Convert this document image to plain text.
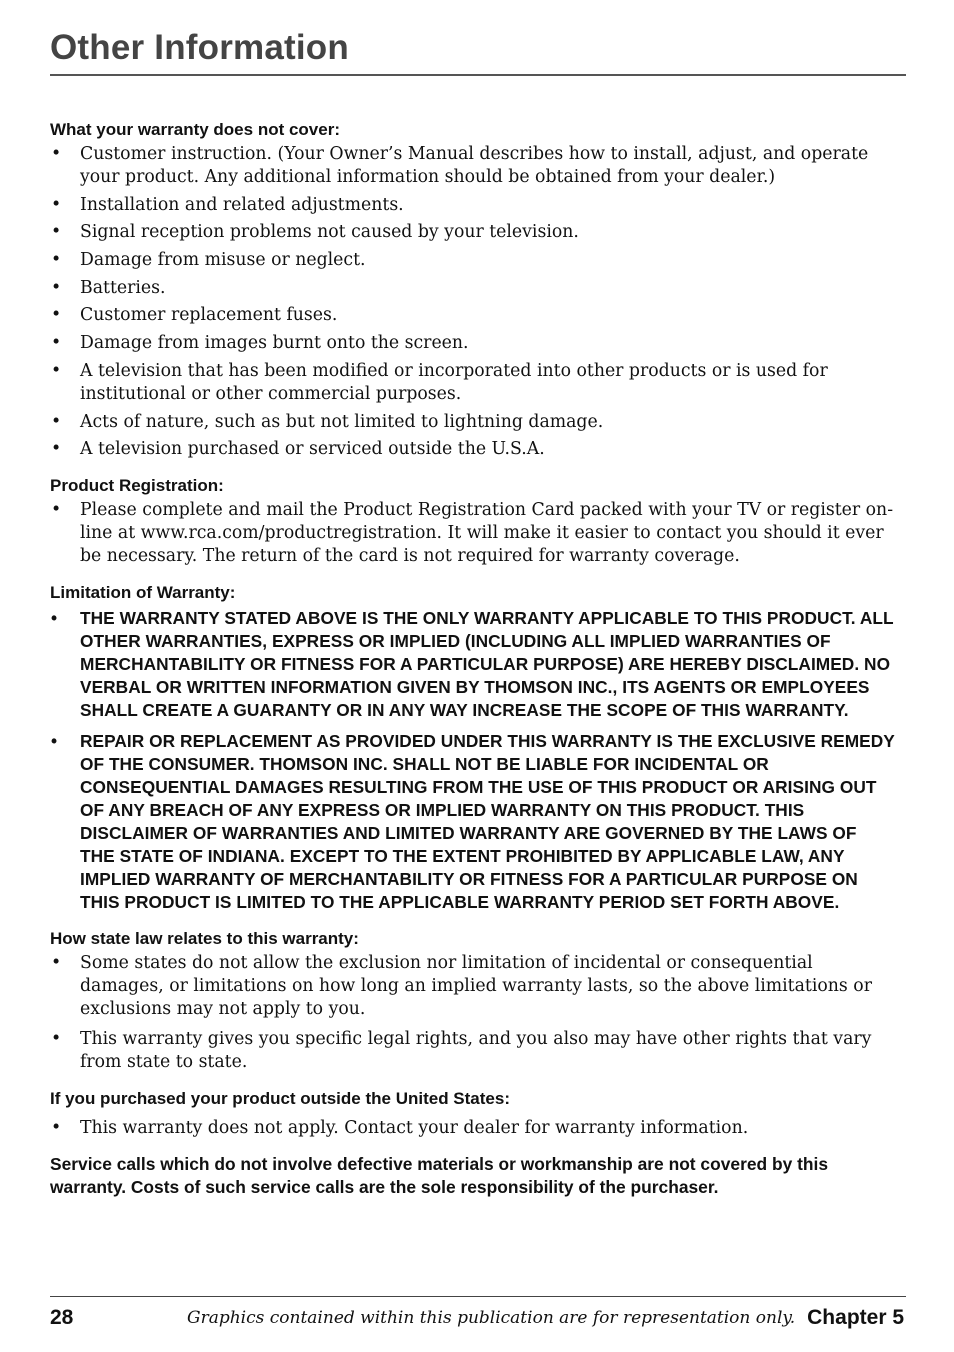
Other Information

What your warranty does not cover:

• Customer instruction. (Your Owner’s Manual describes how to install, adjust, and operate your product. Any additional information should be obtained from your dealer.)
• Installation and related adjustments.
• Signal reception problems not caused by your television.
• Damage from misuse or neglect.
• Batteries.
• Customer replacement fuses.
• Damage from images burnt onto the screen.
• A television that has been modified or incorporated into other products or is used for institutional or other commercial purposes.
• Acts of nature, such as but not limited to lightning damage.
• A television purchased or serviced outside the U.S.A.

Product Registration:

• Please complete and mail the Product Registration Card packed with your TV or register on-line at www.rca.com/productregistration. It will make it easier to contact you should it ever be necessary. The return of the card is not required for warranty coverage.

Limitation of Warranty:

• THE WARRANTY STATED ABOVE IS THE ONLY WARRANTY APPLICABLE TO THIS PRODUCT. ALL OTHER WARRANTIES, EXPRESS OR IMPLIED (INCLUDING ALL IMPLIED WARRANTIES OF MERCHANTABILITY OR FITNESS FOR A PARTICULAR PURPOSE) ARE HEREBY DISCLAIMED. NO VERBAL OR WRITTEN INFORMATION GIVEN BY THOMSON INC., ITS AGENTS OR EMPLOYEES SHALL CREATE A GUARANTY OR IN ANY WAY INCREASE THE SCOPE OF THIS WARRANTY.
• REPAIR OR REPLACEMENT AS PROVIDED UNDER THIS WARRANTY IS THE EXCLUSIVE REMEDY OF THE CONSUMER. THOMSON INC. SHALL NOT BE LIABLE FOR INCIDENTAL OR CONSEQUENTIAL DAMAGES RESULTING FROM THE USE OF THIS PRODUCT OR ARISING OUT OF ANY BREACH OF ANY EXPRESS OR IMPLIED WARRANTY ON THIS PRODUCT. THIS DISCLAIMER OF WARRANTIES AND LIMITED WARRANTY ARE GOVERNED BY THE LAWS OF THE STATE OF INDIANA. EXCEPT TO THE EXTENT PROHIBITED BY APPLICABLE LAW, ANY IMPLIED WARRANTY OF MERCHANTABILITY OR FITNESS FOR A PARTICULAR PURPOSE ON THIS PRODUCT IS LIMITED TO THE APPLICABLE WARRANTY PERIOD SET FORTH ABOVE.

How state law relates to this warranty:

• Some states do not allow the exclusion nor limitation of incidental or consequential damages, or limitations on how long an implied warranty lasts, so the above limitations or exclusions may not apply to you.
• This warranty gives you specific legal rights, and you also may have other rights that vary from state to state.

If you purchased your product outside the United States:

• This warranty does not apply. Contact your dealer for warranty information.

Service calls which do not involve defective materials or workmanship are not covered by this warranty. Costs of such service calls are the sole responsibility of the purchaser.

28	Graphics contained within this publication are for representation only. Chapter 5
